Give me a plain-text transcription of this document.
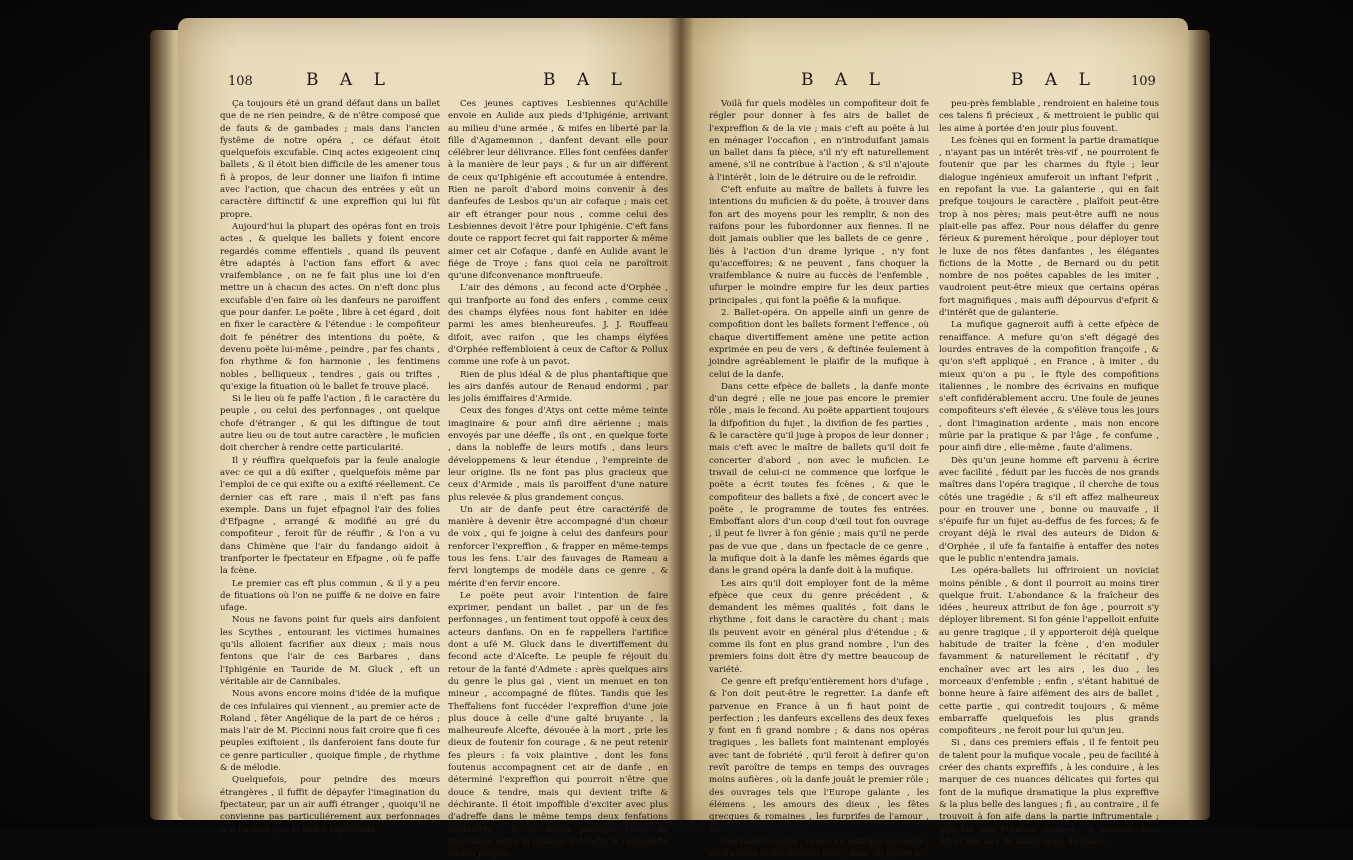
108	B A L	B A L

Ça toujours été un grand défaut dans un ballet que de ne rien peindre, & de n'être composé que de fauts & de gambades ; mais dans l'ancien fystême de notre opéra , ce défaut étoit quelquefois excufable. Cinq actes exigeoient cinq ballets , & il étoit bien difficile de les amener tous fi à propos, de leur donner une liaifon fi intime avec l'action, que chacun des entrées y eût un caractère diftinctif & une expreffion qui lui fût propre.

Aujourd'hui la plupart des opéras font en trois actes , & quelque les ballets y foient encore regardés comme effentiels , quand ils peuvent être adaptés à l'action fans effort & avec vraifemblance , on ne fe fait plus une loi d'en mettre un à chacun des actes. On n'eft donc plus excufable d'en faire où les danfeurs ne paroiffent que pour danfer. Le poëte , libre à cet égard , doit en fixer le caractère & l'étendue : le compofiteur doit fe pénétrer des intentions du poëte, & devenu poëte lui-même , peindre , par fes chants , fon rhythme & fon harmonie , les fentimens nobles , belliqueux , tendres , gais ou triftes , qu'exige la fituation où le ballet fe trouve placé.

Si le lieu où fe paffe l'action , fi le caractère du peuple , ou celui des perfonnages , ont quelque chofe d'étranger , & qui les diftingue de tout autre lieu ou de tout autre caractère , le muficien doit chercher à rendre cette particularité.

Il y réuffira quelquefois par la feule analogie avec ce qui a dû exifter , quelquefois même par l'emploi de ce qui exifte ou a exifté réellement. Ce dernier cas eft rare , mais il n'eft pas fans exemple. Dans un fujet efpagnol l'air des folies d'Efpagne , arrangé & modifié au gré du compofiteur , feroit fûr de réuffir , & l'on a vu dans Chimène que l'air du fandango aidoit à tranfporter le fpectateur en Efpagne , où fe paffe la fcène.

Le premier cas eft plus commun , & il y a peu de fituations où l'on ne puiffe & ne doive en faire ufage.

Nous ne favons point fur quels airs danfoient les Scythes , entourant les victimes humaines qu'ils alloient facrifier aux dieux ; mais nous fentons que l'air de ces Barbares , dans l'Iphigénie en Tauride de M. Gluck , eft un véritable air de Cannibales.

Nous avons encore moins d'idée de la mufique de ces infulaires qui viennent , au premier acte de Roland , fêter Angélique de la part de ce héros ; mais l'air de M. Piccinni nous fait croire que fi ces peuples exiftoient , ils danferoient fans doute fur ce genre particulier , quoique fimple , de rhythme & de mélodie.

Quelquefois, pour peindre des mœurs étrangères , il fuffit de dépayfer l'imagination du fpectateur, par un air auffi étranger , quoiqu'il ne convienne pas particuliérement aux perfonnages & à l'action que le ballet repréfente.

Ces jeunes captives Lesbiennes qu'Achille envoie en Aulide aux pieds d'Iphigénie, arrivant au milieu d'une armée , & mifes en liberté par la fille d'Agamemnon , danfent devant elle pour célébrer leur délivrance. Elles font cenfées danfer à la manière de leur pays , & fur un air différent de ceux qu'Iphigénie eft accoutumée à entendre. Rien ne paroît d'abord moins convenir à des danfeufes de Lesbos qu'un air cofaque ; mais cet air eft étranger pour nous , comme celui des Lesbiennes devoit l'être pour Iphigénie. C'eft fans doute ce rapport fecret qui fait rapporter & même aimer cet air Cofaque , danfé en Aulide avant le fiége de Troye ; fans quoi cela ne paroîtroit qu'une difconvenance monftrueufe.

L'air des démons , au fecond acte d'Orphée , qui tranfporte au fond des enfers , comme ceux des champs élyfées nous font habiter en idée parmi les ames bienheureufes. J. J. Rouffeau difoit, avec raifon , que les champs élyfées d'Orphée reffembloient à ceux de Caftor & Pollux comme une rofe à un pavot.

Rien de plus idéal & de plus phantaftique que les airs danfés autour de Renaud endormi , par les jolis émiffaires d'Armide.

Ceux des fonges d'Atys ont cette même teinte imaginaire & pour ainfi dire aërienne ; mais envoyés par une déeffe , ils ont , en quelque forte , dans la nobleffe de leurs motifs , dans leurs développemens & leur étendue , l'empreinte de leur origine. Ils ne font pas plus gracieux que ceux d'Armide , mais ils paroiffent d'une nature plus relevée & plus grandement conçus.

Un air de danfe peut être caractérifé de manière à devenir être accompagné d'un chœur de voix , qui fe joigne à celui des danfeurs pour renforcer l'expreffion , & frapper en même-temps tous les fens. L'air des fauvages de Rameau a fervi longtemps de modèle dans ce genre , & mérite d'en fervir encore.

Le poëte peut avoir l'intention de faire exprimer, pendant un ballet , par un de fes perfonnages , un fentiment tout oppofé à ceux des acteurs danfans. On en fe rappellera l'artifice dont a ufé M. Gluck dans le divertiffement du fecond acte d'Alcefte. Le peuple fe réjouit du retour de la fanté d'Admete : après quelques airs du genre le plus gai , vient un menuet en ton mineur , accompagné de flûtes. Tandis que les Theffaliens font fuccéder l'expreffion d'une joie plus douce à celle d'une gaîté bruyante , la malheureufe Alcefte, dévouée à la mort , prie les dieux de foutenir fon courage , & ne peut retenir fes pleurs : fa voix plaintive , dont les fons foutenus accompagnent cet air de danfe , en déterminé l'expreffion qui pourroit n'être que douce & tendre, mais qui devient trifte & déchirante. Il étoit impoffible d'exciter avec plus d'adreffe dans le même temps deux fenfations contraires , & de mieux partager l'ame du fpectateur entre la douleur d'Alcefte & l'allégreffe de fon peuple.

B A L	B A L	109

Voilà fur quels modèles un compofiteur doit fe régler pour donner à fes airs de ballet de l'expreffion & de la vie ; mais c'eft au poëte à lui en ménager l'occafion , en n'introduifant jamais un ballet dans fa pièce, s'il n'y eft naturellement amené, s'il ne contribue à l'action , & s'il n'ajoute à l'intérêt , loin de le détruire ou de le refroidir.

C'eft enfuite au maître de ballets à fuivre les intentions du muficien & du poëte, à trouver dans fon art des moyens pour les remplir, & non des raifons pour les fubordonner aux fiennes. Il ne doit jamais oublier que les ballets de ce genre , liés à l'action d'un drame lyrique , n'y font qu'acceffoires; & ne peuvent , fans choquer la vraifemblance & nuire au fuccès de l'enfemble , ufurper le moindre empire fur les deux parties principales , qui font la poëfie & la mufique.

2. Ballet-opéra. On appelle ainfi un genre de compofition dont les ballets forment l'effence , où chaque divertiffement amène une petite action exprimée en peu de vers , & deftinée feulement à joindre agréablement le plaifir de la mufique à celui de la danfe.

Dans cette efpèce de ballets , la danfe monte d'un degré ; elle ne joue pas encore le premier rôle , mais le fecond. Au poëte appartient toujours la difpofition du fujet , la divifion de fes parties , & le caractère qu'il juge à propos de leur donner ; mais c'eft avec le maître de ballets qu'il doit fe concerter d'abord , non avec le muficien. Le travail de celui-ci ne commence que lorfque le poëte a écrit toutes fes fcènes , & que le compofiteur des ballets a fixé , de concert avec le poëte , le programme de toutes fes entrées. Emboffant alors d'un coup d'œil tout fon ouvrage , il peut fe livrer à fon génie ; mais qu'il ne perde pas de vue que , dans un fpectacle de ce genre , la mufique doit à la danfe les mêmes égards que dans le grand opéra la danfe doit à la mufique.

Les airs qu'il doit employer font de la même efpèce que ceux du genre précédent , & demandent les mêmes qualités , foit dans le rhythme , foit dans le caractère du chant ; mais ils peuvent avoir en général plus d'étendue ; & comme ils font en plus grand nombre , l'un des premiers foins doit être d'y mettre beaucoup de variété.

Ce genre eft prefqu'entièrement hors d'ufage , & l'on doit peut-être le regretter. La danfe eft parvenue en France à un fi haut point de perfection ; les danfeurs excellens des deux fexes y font en fi grand nombre ; & dans nos opéras tragiques , les ballets font maintenant employés avec tant de fobriété , qu'il feroit à defirer qu'on revît paroître de temps en temps des ouvrages moins aufières , où la danfe jouât le premier rôle ; des ouvrages tels que l'Europe galante , les élémens , les amours des dieux , les fêtes grecques & romaines , les furprifes de l'amour , &c.

Ces ballets-opéra , remis en mufique nouvelle , ou d'autres nouvellement faits , dans un genre à-

peu-près femblable , rendroient en haleine tous ces talens fi précieux , & mettroient le public qui les aime à portée d'en jouir plus fouvent.

Les fcènes qui en forment la partie dramatique , n'ayant pas un intérêt très-vif , ne pourroient fe foutenir que par les charmes du ftyle ; leur dialogue ingénieux amuferoit un inftant l'efprit , en repofant la vue. La galanterie , qui en fait prefque toujours le caractère , plaîfoit peut-être trop à nos pères; mais peut-être auffi ne nous plait-elle pas affez. Pour nous délaffer du genre férieux & purement héroïque , pour déployer tout le luxe de nos fêtes danfantes , les élégantes fictions de la Motte , de Bernard ou du petit nombre de nos poëtes capables de les imiter , vaudroient peut-être mieux que certains opéras fort magnifiques , mais auffi dépourvus d'efprit & d'intérêt que de galanterie.

La mufique gagneroit auffi à cette efpèce de renaiffance. A mefure qu'on s'eft dégagé des lourdes entraves de la compofition françoife , & qu'on s'eft appliqué , en France , à imiter , du mieux qu'on a pu , le ftyle des compofitions italiennes , le nombre des écrivains en mufique s'eft confidérablement accru. Une foule de jeunes compofiteurs s'eft élevée , & s'élève tous les jours , dont l'imagination ardente , mais non encore mûrie par la pratique & par l'âge , fe confume , pour ainfi dire , elle-même , faute d'alimens.

Dès qu'un jeune homme eft parvenu à écrire avec facilité , féduit par les fuccès de nos grands maîtres dans l'opéra tragique , il cherche de tous côtés une tragédie ; & s'il eft affez malheureux pour en trouver une , bonne ou mauvaife , il s'épuife fur un fujet au-deffus de fes forces; & fe croyant déjà le rival des auteurs de Didon & d'Orphée , il ufe fa fantaifie à entaffer des notes que le public n'entendra jamais.

Les opéra-ballets lui offriroient un noviciat moins pénible , & dont il pourroit au moins tirer quelque fruit. L'abondance & la fraîcheur des idées , heureux attribut de fon âge , pourroit s'y déployer librement. Si fon génie l'appelloit enfuite au genre tragique , il y apporteroit déjà quelque habitude de traiter la fcène , d'en moduler favamment & naturellement le récitatif , d'y enchaîner avec art les airs , les duo , les morceaux d'enfemble ; enfin , s'étant habitué de bonne heure à faire aifément des airs de ballet , cette partie , qui contredit toujours , & même embarraffe quelquefois les plus grands compofiteurs , ne feroit pour lui qu'un jeu.

Si , dans ces premiers effais , il fe fentoit peu de talent pour la mufique vocale , peu de facilité à créer des chants expreffifs , à les conduire , à les marquer de ces nuances délicates qui fortes qui font de la mufique dramatique la plus expreffive & la plus belle des langues ; fi , au contraire , il fe trouvoit à fon aife dans la partie inftrumentale ; que fur une fituation donnée , il inventât fans effort des airs de ballet vrais, brillans ,
